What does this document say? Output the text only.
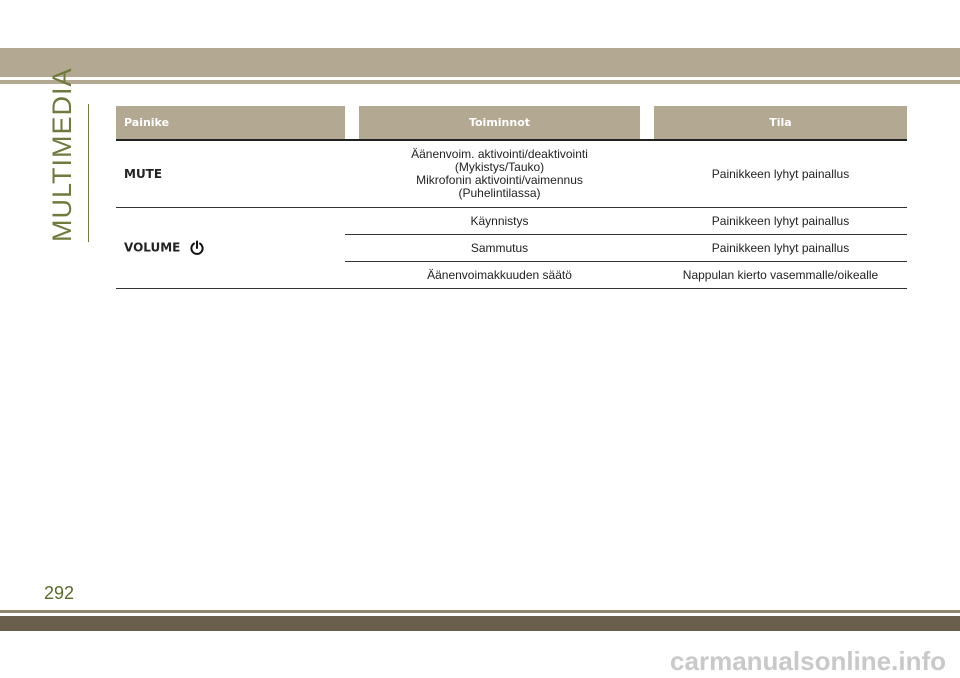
MULTIMEDIA	Painike		Toiminnot		Tila
MUTE	Äänenvoim. aktivointi/deaktivointi
(Mykistys/Tauko)
Mikrofonin aktivointi/vaimennus
(Puhelintilassa)			Painikkeen lyhyt painallus
VOLUME	Käynnistys			Painikkeen lyhyt painallus
	Sammutus			Painikkeen lyhyt painallus
	Äänenvoimakkuuden säätö			Nappulan kierto vasemmalle/oikealle
292
carmanualsonline.info
